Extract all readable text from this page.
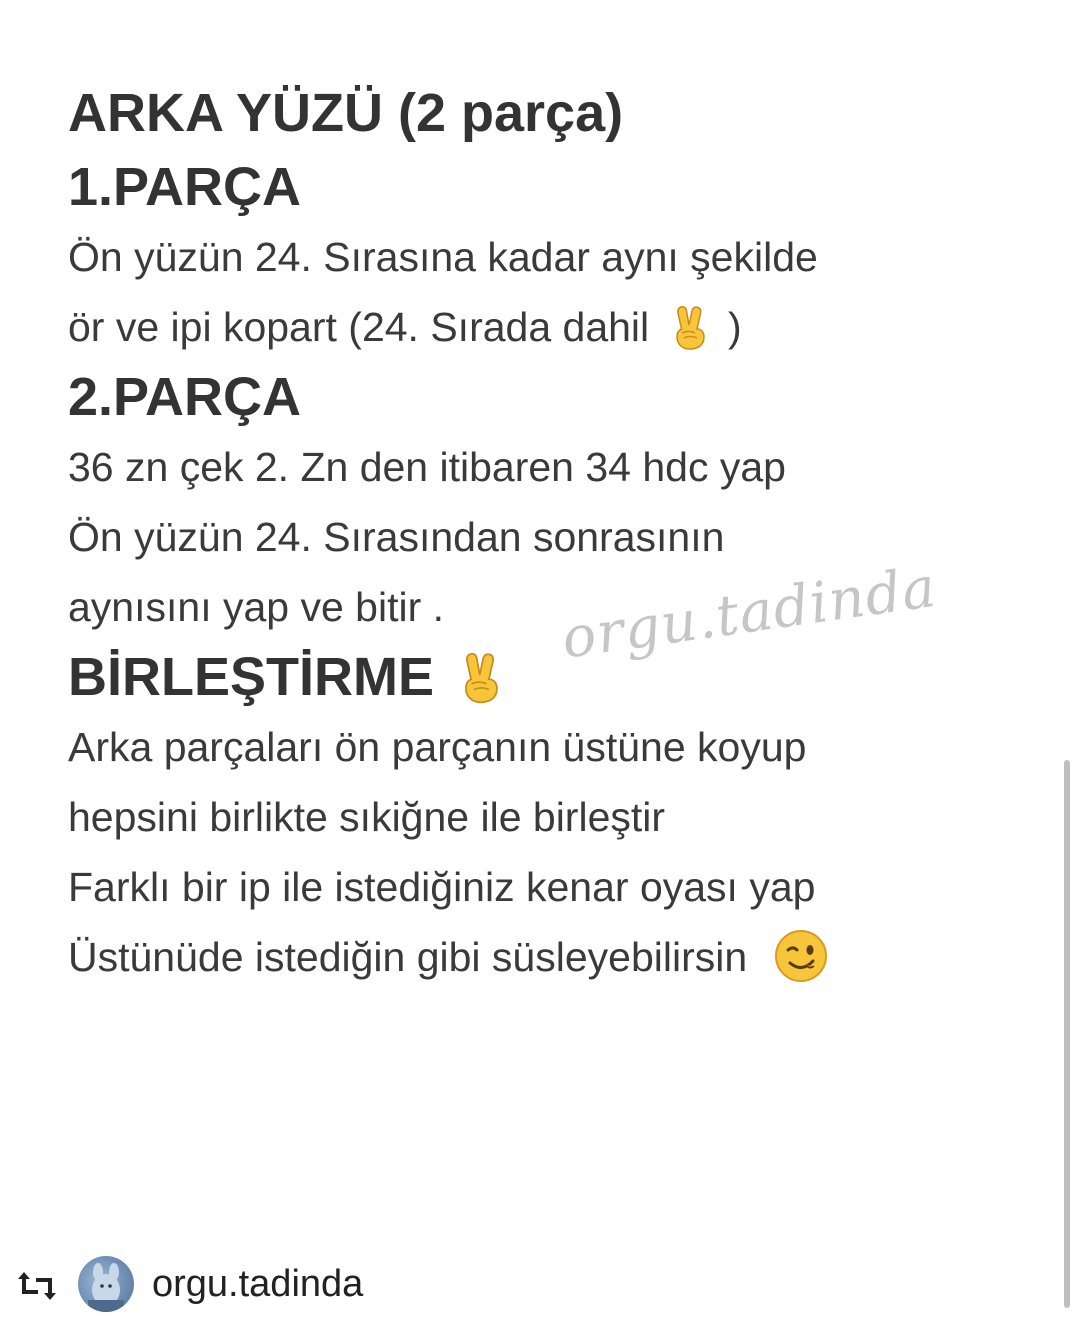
ARKA YÜZÜ (2 parça)
1.PARÇA
Ön yüzün 24. Sırasına kadar aynı şekilde
ör ve ipi kopart (24. Sırada dahil )
2.PARÇA
36 zn çek 2. Zn den itibaren 34 hdc yap
Ön yüzün 24. Sırasından sonrasının
aynısını yap ve bitir .
BİRLEŞTİRME
Arka parçaları ön parçanın üstüne koyup
hepsini birlikte sıkiğne ile birleştir
Farklı bir ip ile istediğiniz kenar oyası yap
Üstünüde istediğin gibi süsleyebilirsin
orgu.tadinda
orgu.tadinda
